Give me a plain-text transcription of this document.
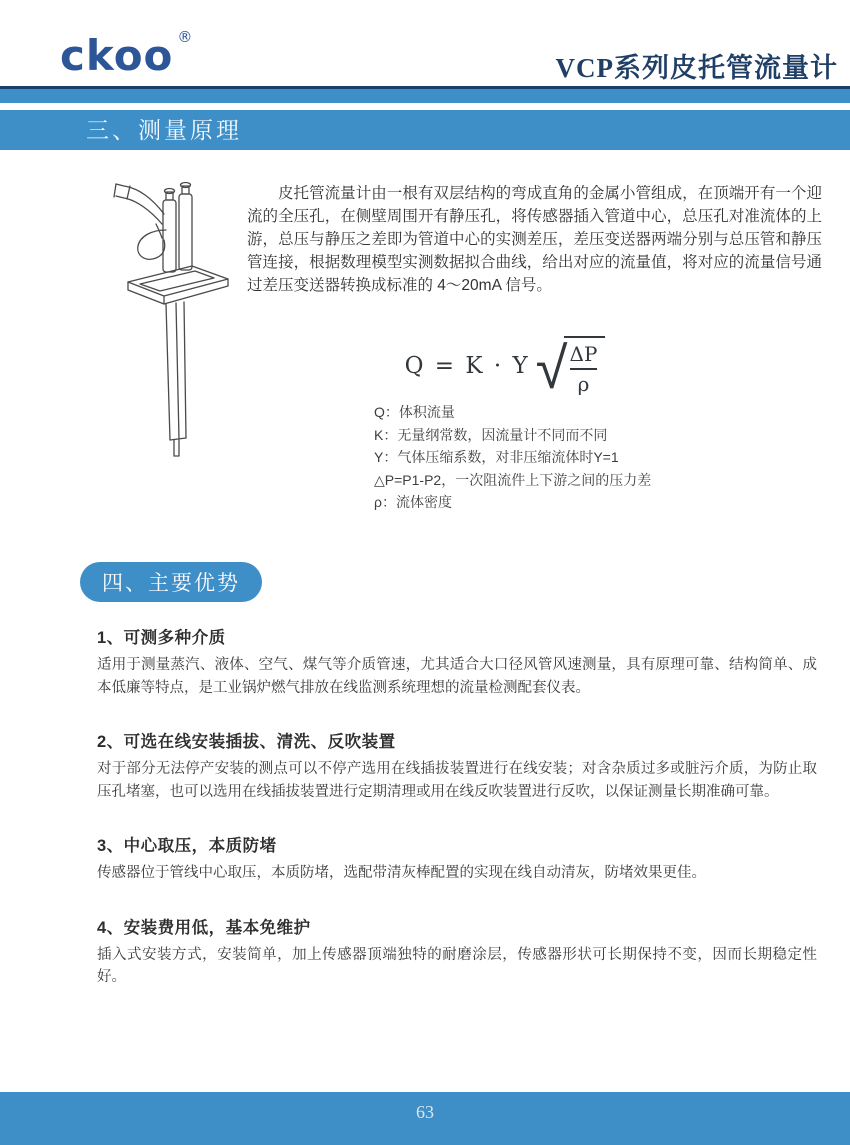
ckoo ®
VCP系列皮托管流量计
三、测量原理
皮托管流量计由一根有双层结构的弯成直角的金属小管组成，在顶端开有一个迎流的全压孔，在侧壁周围开有静压孔，将传感器插入管道中心，总压孔对准流体的上游，总压与静压之差即为管道中心的实测差压，差压变送器两端分别与总压管和静压管连接，根据数理模型实测数据拟合曲线，给出对应的流量值，将对应的流量信号通过差压变送器转换成标准的 4～20mA 信号。
Q = K · Y √ $\frac{\Delta P}{\rho}$
Q：体积流量
K：无量纲常数，因流量计不同而不同
Y：气体压缩系数，对非压缩流体时Y=1
△P=P1-P2，一次阻流件上下游之间的压力差
ρ：流体密度
四、主要优势
1、可测多种介质

适用于测量蒸汽、液体、空气、煤气等介质管速，尤其适合大口径风管风速测量，具有原理可靠、结构简单、成本低廉等特点，是工业锅炉燃气排放在线监测系统理想的流量检测配套仪表。

2、可选在线安装插拔、清洗、反吹装置

对于部分无法停产安装的测点可以不停产选用在线插拔装置进行在线安装；对含杂质过多或脏污介质，为防止取压孔堵塞，也可以选用在线插拔装置进行定期清理或用在线反吹装置进行反吹，以保证测量长期准确可靠。

3、中心取压，本质防堵

传感器位于管线中心取压，本质防堵，选配带清灰棒配置的实现在线自动清灰，防堵效果更佳。

4、安装费用低，基本免维护

插入式安装方式，安装简单，加上传感器顶端独特的耐磨涂层，传感器形状可长期保持不变，因而长期稳定性好。

63
